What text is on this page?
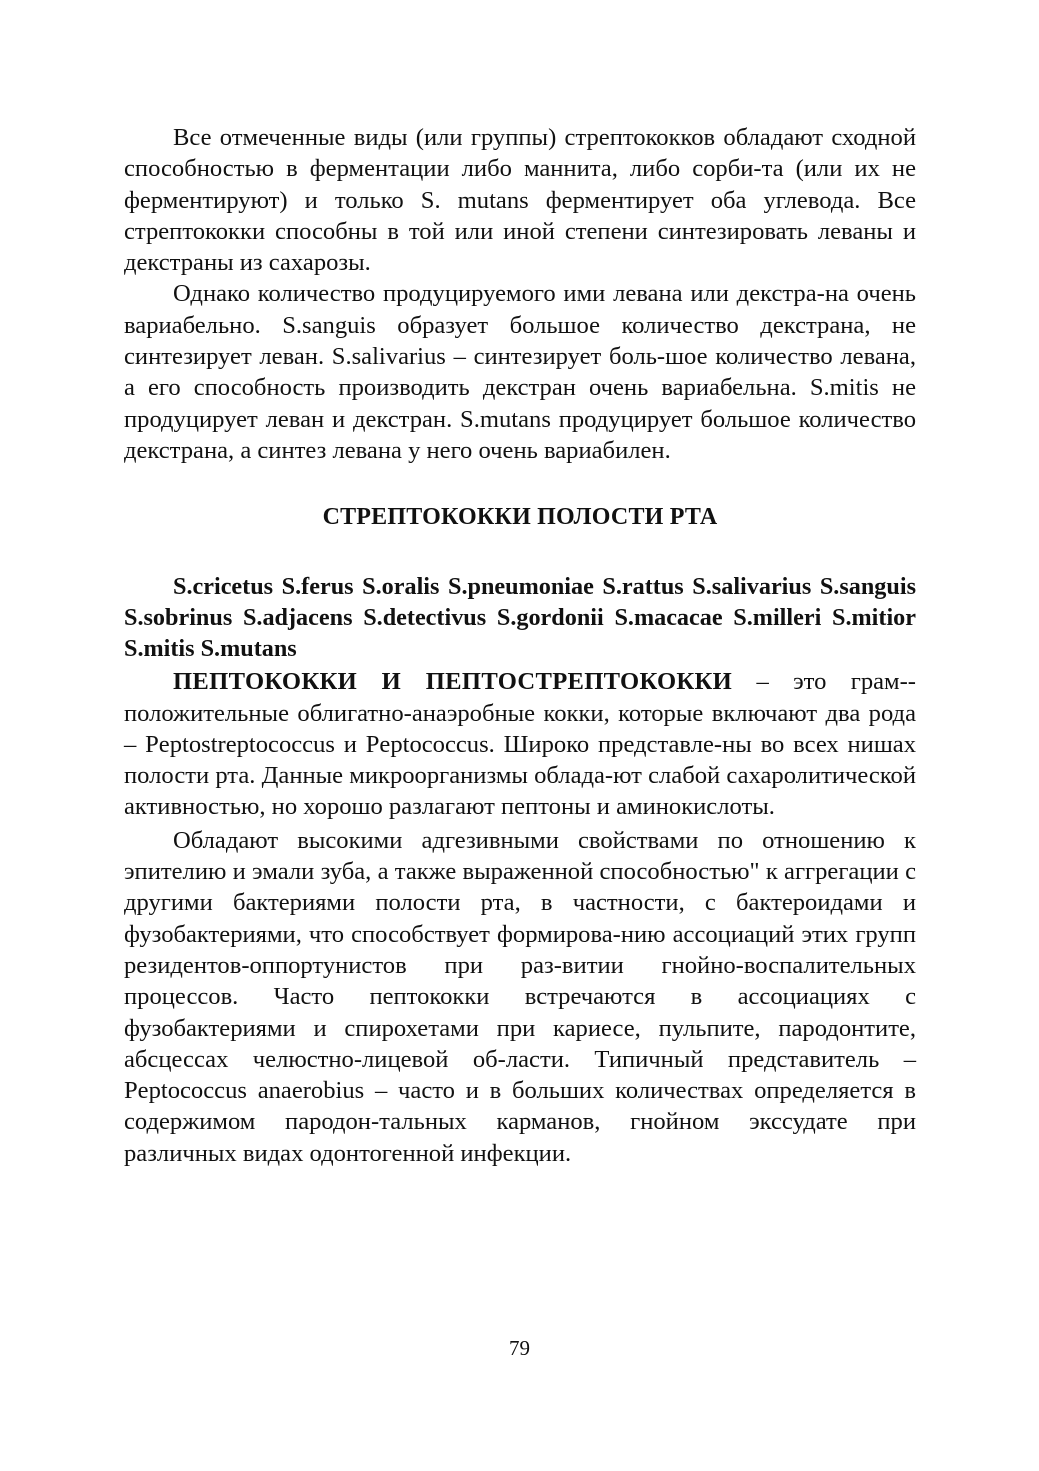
Все отмеченные виды (или группы) стрептококков обладают сходной способностью в ферментации либо маннита, либо сорби-та (или их не ферментируют) и только S. mutans ферментирует оба углевода. Все стрептококки способны в той или иной степени синтезировать леваны и декстраны из сахарозы.

Однако количество продуцируемого ими левана или декстра-на очень вариабельно. S.sanguis образует большое количество декстрана, не синтезирует леван. S.salivarius – синтезирует боль-шое количество левана, а его способность производить декстран очень вариабельна. S.mitis не продуцирует леван и декстран. S.mutans продуцирует большое количество декстрана, а синтез левана у него очень вариабилен.

СТРЕПТОКОККИ ПОЛОСТИ РТА

S.cricetus S.ferus S.oralis S.pneumoniae S.rattus S.salivarius S.sanguis S.sobrinus S.adjacens S.detectivus S.gordonii S.macacae S.milleri S.mitior S.mitis S.mutans

ПЕПТОКОККИ И ПЕПТОСТРЕПТОКОККИ – это грам-положительные облигатно-анаэробные кокки, которые включают два рода – Peptostreptococcus и Peptococcus. Широко представле-ны во всех нишах полости рта. Данные микроорганизмы облада-ют слабой сахаролитической активностью, но хорошо разлагают пептоны и аминокислоты.

Обладают высокими адгезивными свойствами по отношению к эпителию и эмали зуба, а также выраженной способностью" к аггрегации с другими бактериями полости рта, в частности, с бактероидами и фузобактериями, что способствует формирова-нию ассоциаций этих групп резидентов-оппортунистов при раз-витии гнойно-воспалительных процессов. Часто пептококки встречаются в ассоциациях с фузобактериями и спирохетами при кариесе, пульпите, пародонтите, абсцессах челюстно-лицевой об-ласти. Типичный представитель – Peptococcus anaerobius – часто и в больших количествах определяется в содержимом пародон-тальных карманов, гнойном экссудате при различных видах одонтогенной инфекции.

79
